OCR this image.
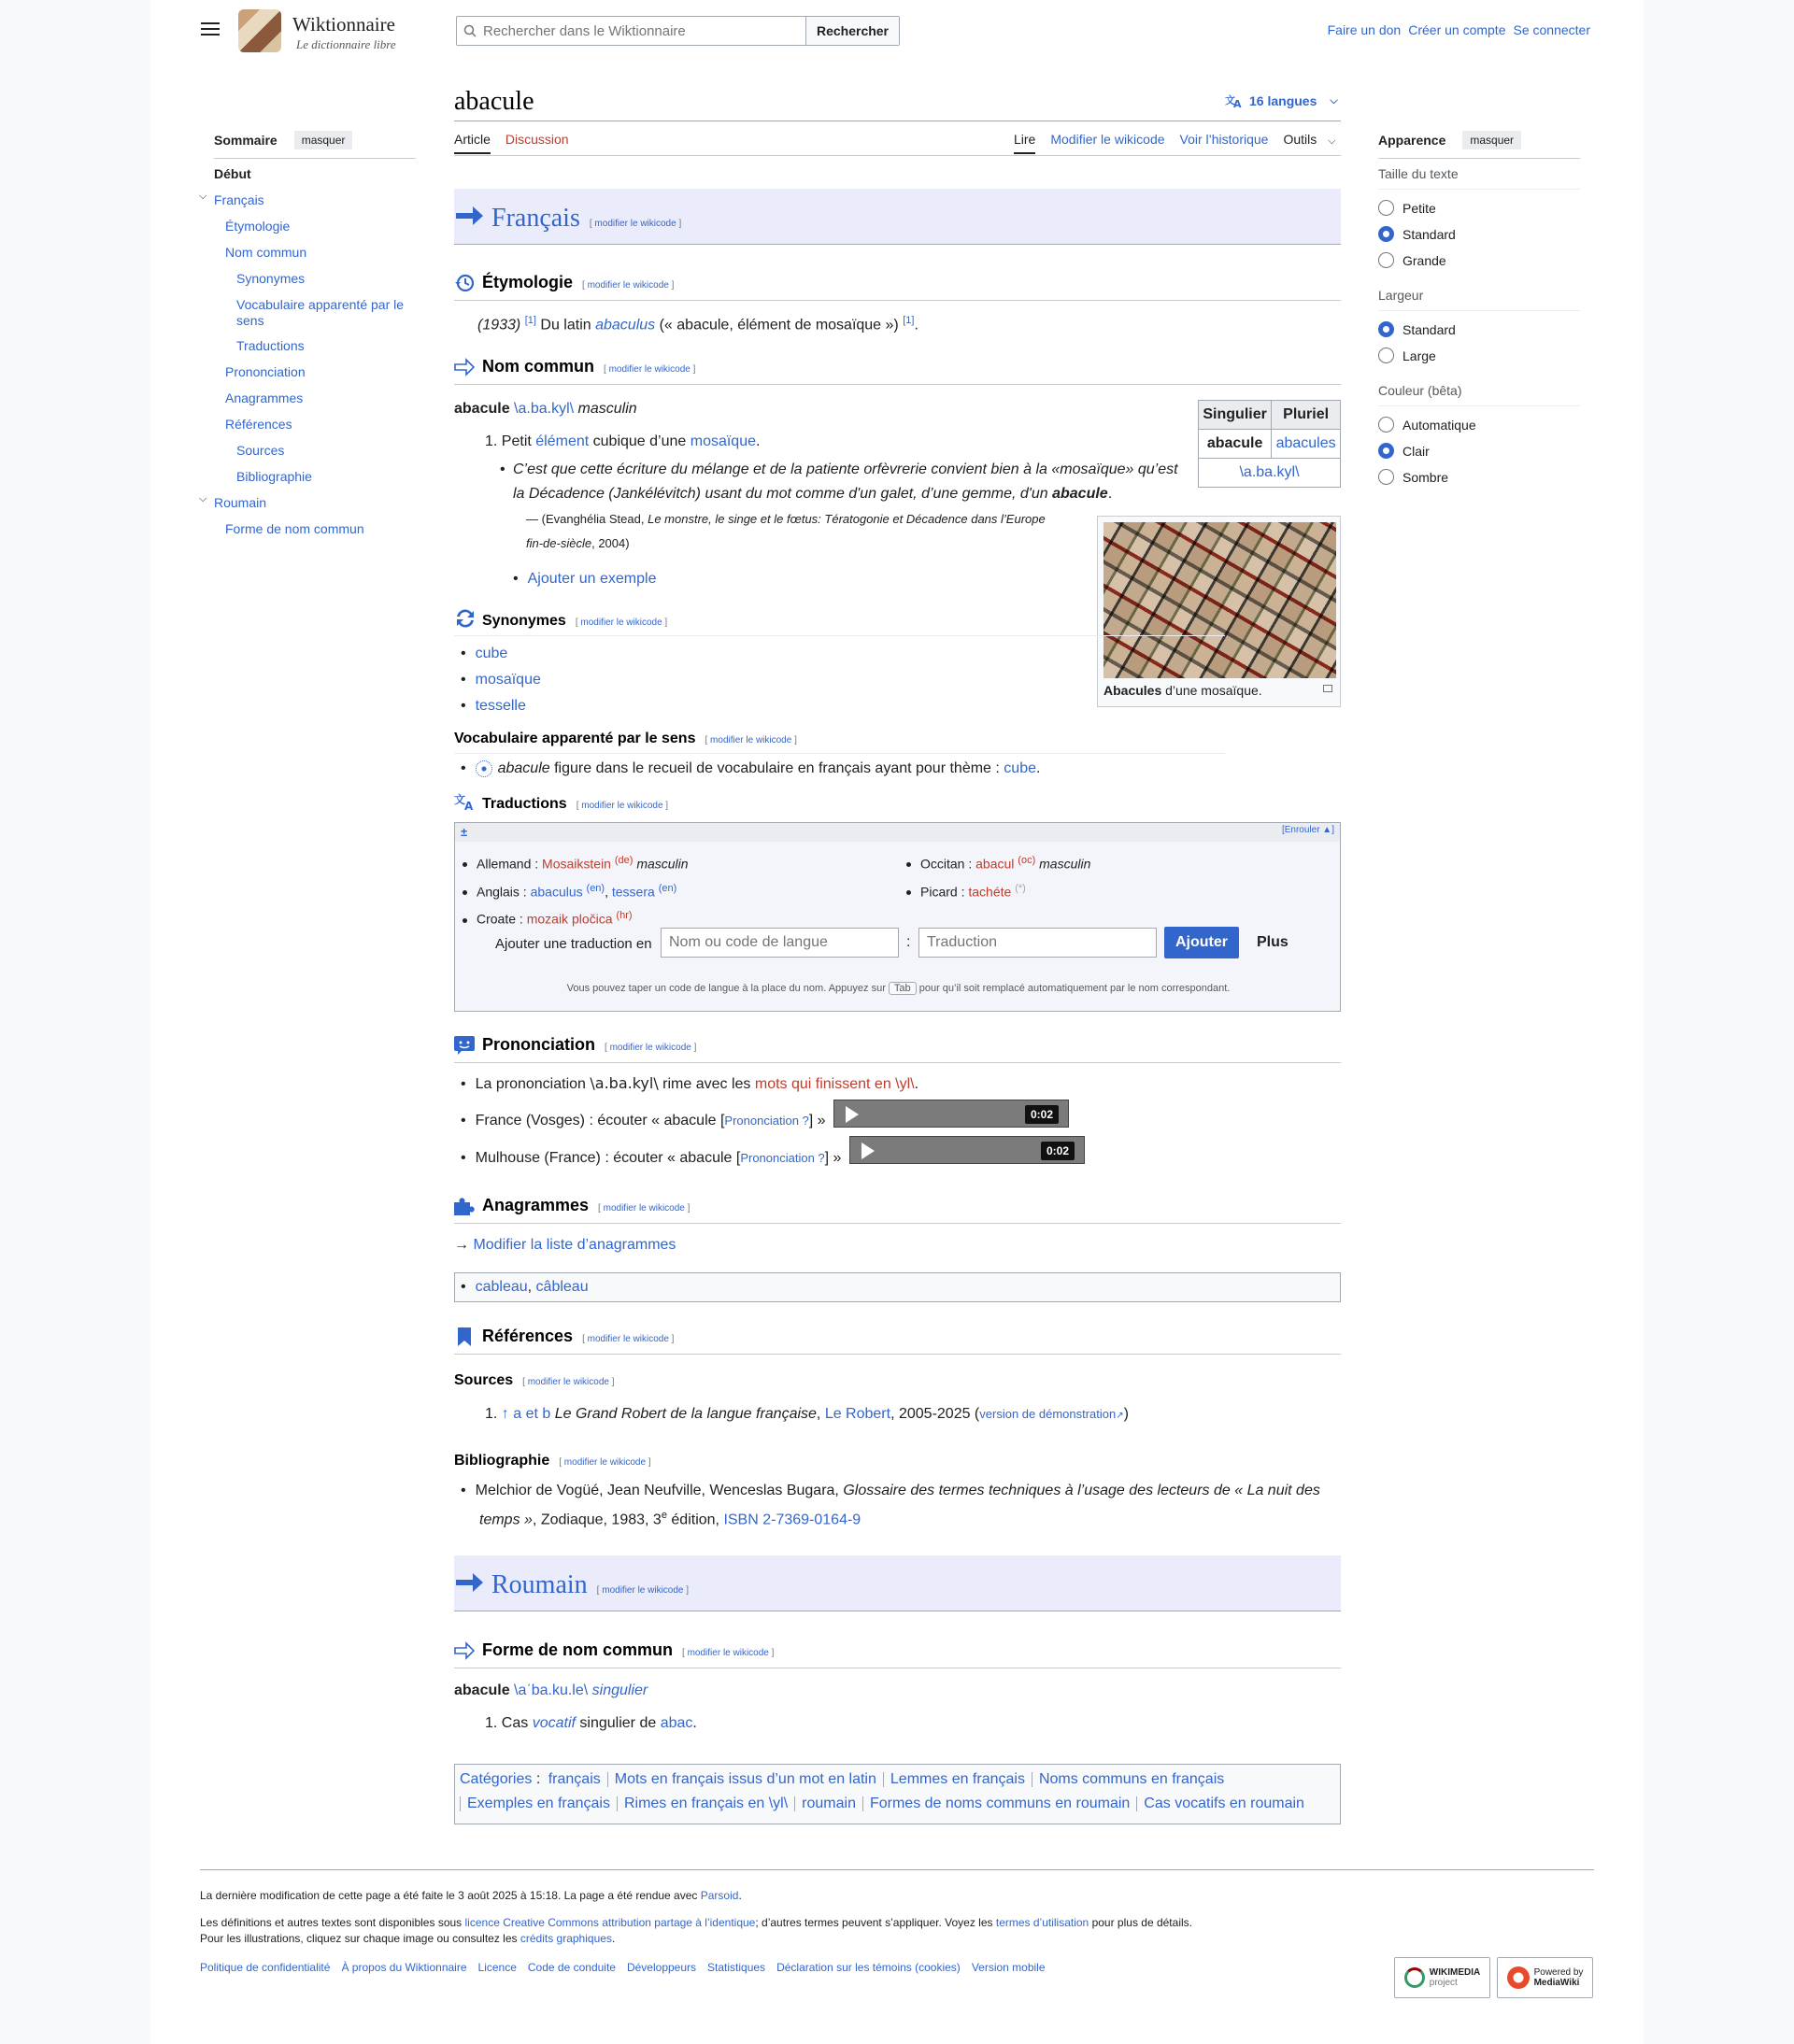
Wiktionnaire
Le dictionnaire libre
Rechercher dans le Wiktionnaire
Rechercher	Faire un don Créer un compte Se connecter
abacule	文
A 16 langues ⌵
Article Discussion	Lire Modifier le wikicode Voir l’historique Outils ⌵
Sommaire	masquer
Début
⌵ Français
Étymologie
Nom commun
Synonymes
Vocabulaire apparenté par le sens
Traductions
Prononciation
Anagrammes
Références
Sources
Bibliographie
⌵ Roumain
Forme de nom commun
Apparence	masquer
Taille du texte
Petite
Standard
Grande
Largeur
Standard
Large
Couleur (bêta)
Automatique
Clair
Sombre
Français [ modifier le wikicode ]
Étymologie [ modifier le wikicode ]
(1933) [1] Du latin abaculus (« abacule, élément de mosaïque ») [1].
Nom commun [ modifier le wikicode ]
abacule \a.ba.kyl\ masculin
1. Petit élément cubique d’une mosaïque.
• C’est que cette écriture du mélange et de la patiente orfèvrerie convient bien à la «mosaïque» qu’est
la Décadence (Jankélévitch) usant du mot comme d'un galet, d’une gemme, d'un abacule.
— (Evanghélia Stead, Le monstre, le singe et le fœtus: Tératogonie et Décadence dans l’Europe
fin-de-siècle, 2004)
• Ajouter un exemple
Singulier	Pluriel
abacule	abacules
\a.ba.kyl\	
Abacules d’une mosaïque.
Synonymes [ modifier le wikicode ]
• cube
• mosaïque
• tesselle
Vocabulaire apparenté par le sens [ modifier le wikicode ]
• abacule figure dans le recueil de vocabulaire en français ayant pour thème : cube.
文
A Traductions [ modifier le wikicode ]
±	[Enrouler ▲]
Allemand : Mosaikstein $^{(de)}$ masculin
Anglais : abaculus $^{(en)}$, tessera $^{(en)}$
Croate : mozaik pločica $^{(hr)}$
Occitan : abacul $^{(oc)}$ masculin
Picard : tachéte (*)
Ajouter une traduction en
Nom ou code de langue	:
Traduction	Ajouter	Plus
Vous pouvez taper un code de langue à la place du nom. Appuyez sur Tab pour qu’il soit remplacé automatiquement par le nom correspondant.
Prononciation [ modifier le wikicode ]
• La prononciation \a.ba.kyl\ rime avec les mots qui finissent en \yl\.
• France (Vosges) : écouter « abacule [Prononciation ?] »	0:02
• Mulhouse (France) : écouter « abacule [Prononciation ?] »	0:02
Anagrammes [ modifier le wikicode ]
→ Modifier la liste d’anagrammes
• cableau, câbleau
Références [ modifier le wikicode ]
Sources [ modifier le wikicode ]
1. ↑ a et b Le Grand Robert de la langue française, Le Robert, 2005-2025 (version de démonstration↗)
Bibliographie [ modifier le wikicode ]
• Melchior de Vogüé, Jean Neufville, Wenceslas Bugara, Glossaire des termes techniques à l’usage des lecteurs de « La nuit des
temps », Zodiaque, 1983, 3e édition, ISBN 2-7369-0164-9
Roumain [ modifier le wikicode ]
Forme de nom commun [ modifier le wikicode ]
abacule \aˈba.ku.le\ singulier
1. Cas vocatif singulier de abac.
Catégories : français Mots en français issus d’un mot en latin Lemmes en français Noms communs en français
Exemples en français Rimes en français en \yl\ roumain Formes de noms communs en roumain Cas vocatifs en roumain
La dernière modification de cette page a été faite le 3 août 2025 à 15:18. La page a été rendue avec Parsoid.
Les définitions et autres textes sont disponibles sous licence Creative Commons attribution partage à l’identique; d’autres termes peuvent s’appliquer. Voyez les termes d’utilisation pour plus de détails.
Pour les illustrations, cliquez sur chaque image ou consultez les crédits graphiques.
Politique de confidentialité À propos du Wiktionnaire Licence Code de conduite Développeurs Statistiques Déclaration sur les témoins (cookies) Version mobile	WIKIMEDIA
project
Powered by
MediaWiki
